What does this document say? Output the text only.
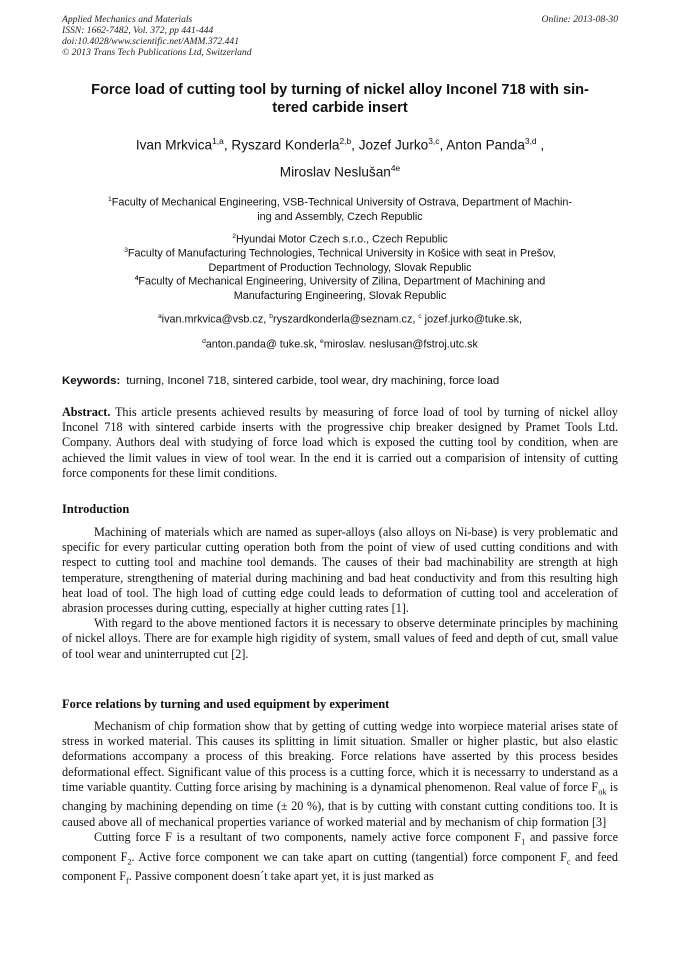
Applied Mechanics and Materials
ISSN: 1662-7482, Vol. 372, pp 441-444
doi:10.4028/www.scientific.net/AMM.372.441
© 2013 Trans Tech Publications Ltd, Switzerland
Online: 2013-08-30
Force load of cutting tool by turning of nickel alloy Inconel 718 with sin-
tered carbide insert
Ivan Mrkvica$^{1,a}$, Ryszard Konderla$^{2,b}$, Jozef Jurko$^{3,c}$, Anton Panda$^{3,d}$ ,
Miroslav Neslušan$^{4e}$
$^1$Faculty of Mechanical Engineering, VSB-Technical University of Ostrava, Department of Machin-
ing and Assembly, Czech Republic
$^2$Hyundai Motor Czech s.r.o., Czech Republic
$^3$Faculty of Manufacturing Technologies, Technical University in Košice with seat in Prešov,
Department of Production Technology, Slovak Republic
$^4$Faculty of Mechanical Engineering, University of Zilina, Department of Machining and
Manufacturing Engineering, Slovak Republic
$^a$ivan.mrkvica@vsb.cz, $^b$ryszardkonderla@seznam.cz, $^c$ jozef.jurko@tuke.sk,
$^d$anton.panda@ tuke.sk, $^e$miroslav. neslusan@fstroj.utc.sk
Keywords: turning, Inconel 718, sintered carbide, tool wear, dry machining, force load

Abstract. This article presents achieved results by measuring of force load of tool by turning of nickel alloy Inconel 718 with sintered carbide inserts with the progressive chip breaker designed by Pramet Tools Ltd. Company. Authors deal with studying of force load which is exposed the cutting tool by condition, when are achieved the limit values in view of tool wear. In the end it is carried out a comparision of intensity of cutting force components for these limit conditions.

Introduction

Machining of materials which are named as super-alloys (also alloys on Ni-base) is very problematic and specific for every particular cutting operation both from the point of view of used cutting conditions and with respect to cutting tool and machine tool demands. The causes of their bad machinability are strength at high temperature, strengthening of material during machining and bad heat conductivity and from this resulting high heat load of tool. The high load of cutting edge could leads to deformation of cutting tool and acceleration of abrasion processes during cutting, especially at higher cutting rates [1].

With regard to the above mentioned factors it is necessary to observe determinate principles by machining of nickel alloys. There are for example high rigidity of system, small values of feed and depth of cut, small value of tool wear and uninterrupted cut [2].

Force relations by turning and used equipment by experiment

Mechanism of chip formation show that by getting of cutting wedge into worpiece material arises state of stress in worked material. This causes its splitting in limit situation. Smaller or higher plastic, but also elastic deformations accompany a process of this breaking. Force relations have asserted by this process besides deformational effect. Significant value of this process is a cutting force, which it is necessarry to understand as a time variable quantity. Cutting force arising by machining is a dynamical phenomenon. Real value of force $F_{ok}$ is changing by machining depending on time (± 20 %), that is by cutting with constant cutting conditions too. It is caused above all of mechanical properties variance of worked material and by mechanism of chip formation [3]

Cutting force F is a resultant of two components, namely active force component $F_1$ and passive force component $F_2$. Active force component we can take apart on cutting (tangential) force component $F_c$ and feed component $F_f$. Passive component doesn´t take apart yet, it is just marked as
